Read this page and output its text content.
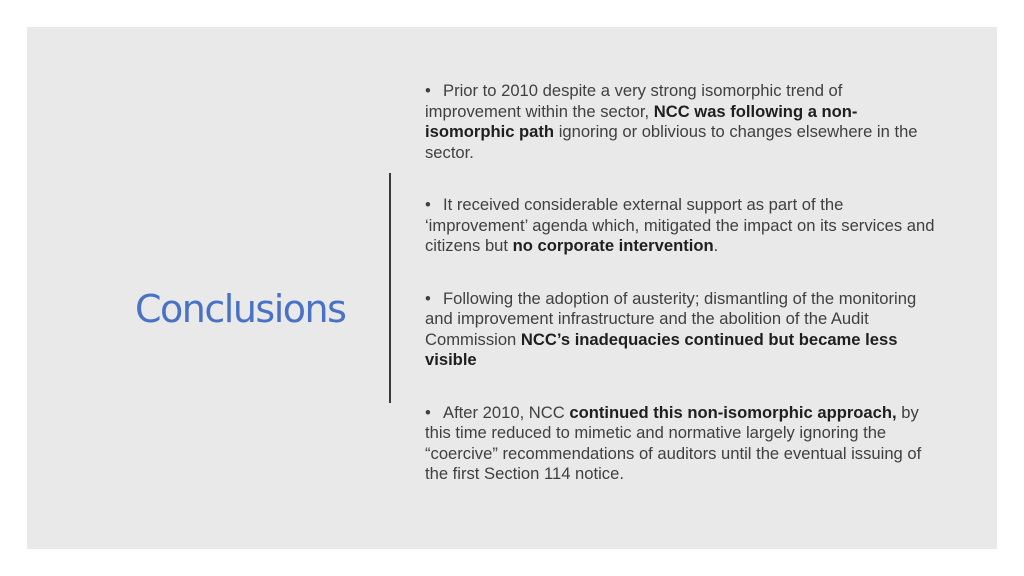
Conclusions
• Prior to 2010 despite a very strong isomorphic trend of improvement within the sector, NCC was following a non-isomorphic path ignoring or oblivious to changes elsewhere in the sector.
• It received considerable external support as part of the ‘improvement’ agenda which, mitigated the impact on its services and citizens but no corporate intervention.
• Following the adoption of austerity; dismantling of the monitoring and improvement infrastructure and the abolition of the Audit Commission NCC’s inadequacies continued but became less visible
• After 2010, NCC continued this non-isomorphic approach, by this time reduced to mimetic and normative largely ignoring the “coercive” recommendations of auditors until the eventual issuing of the first Section 114 notice.
